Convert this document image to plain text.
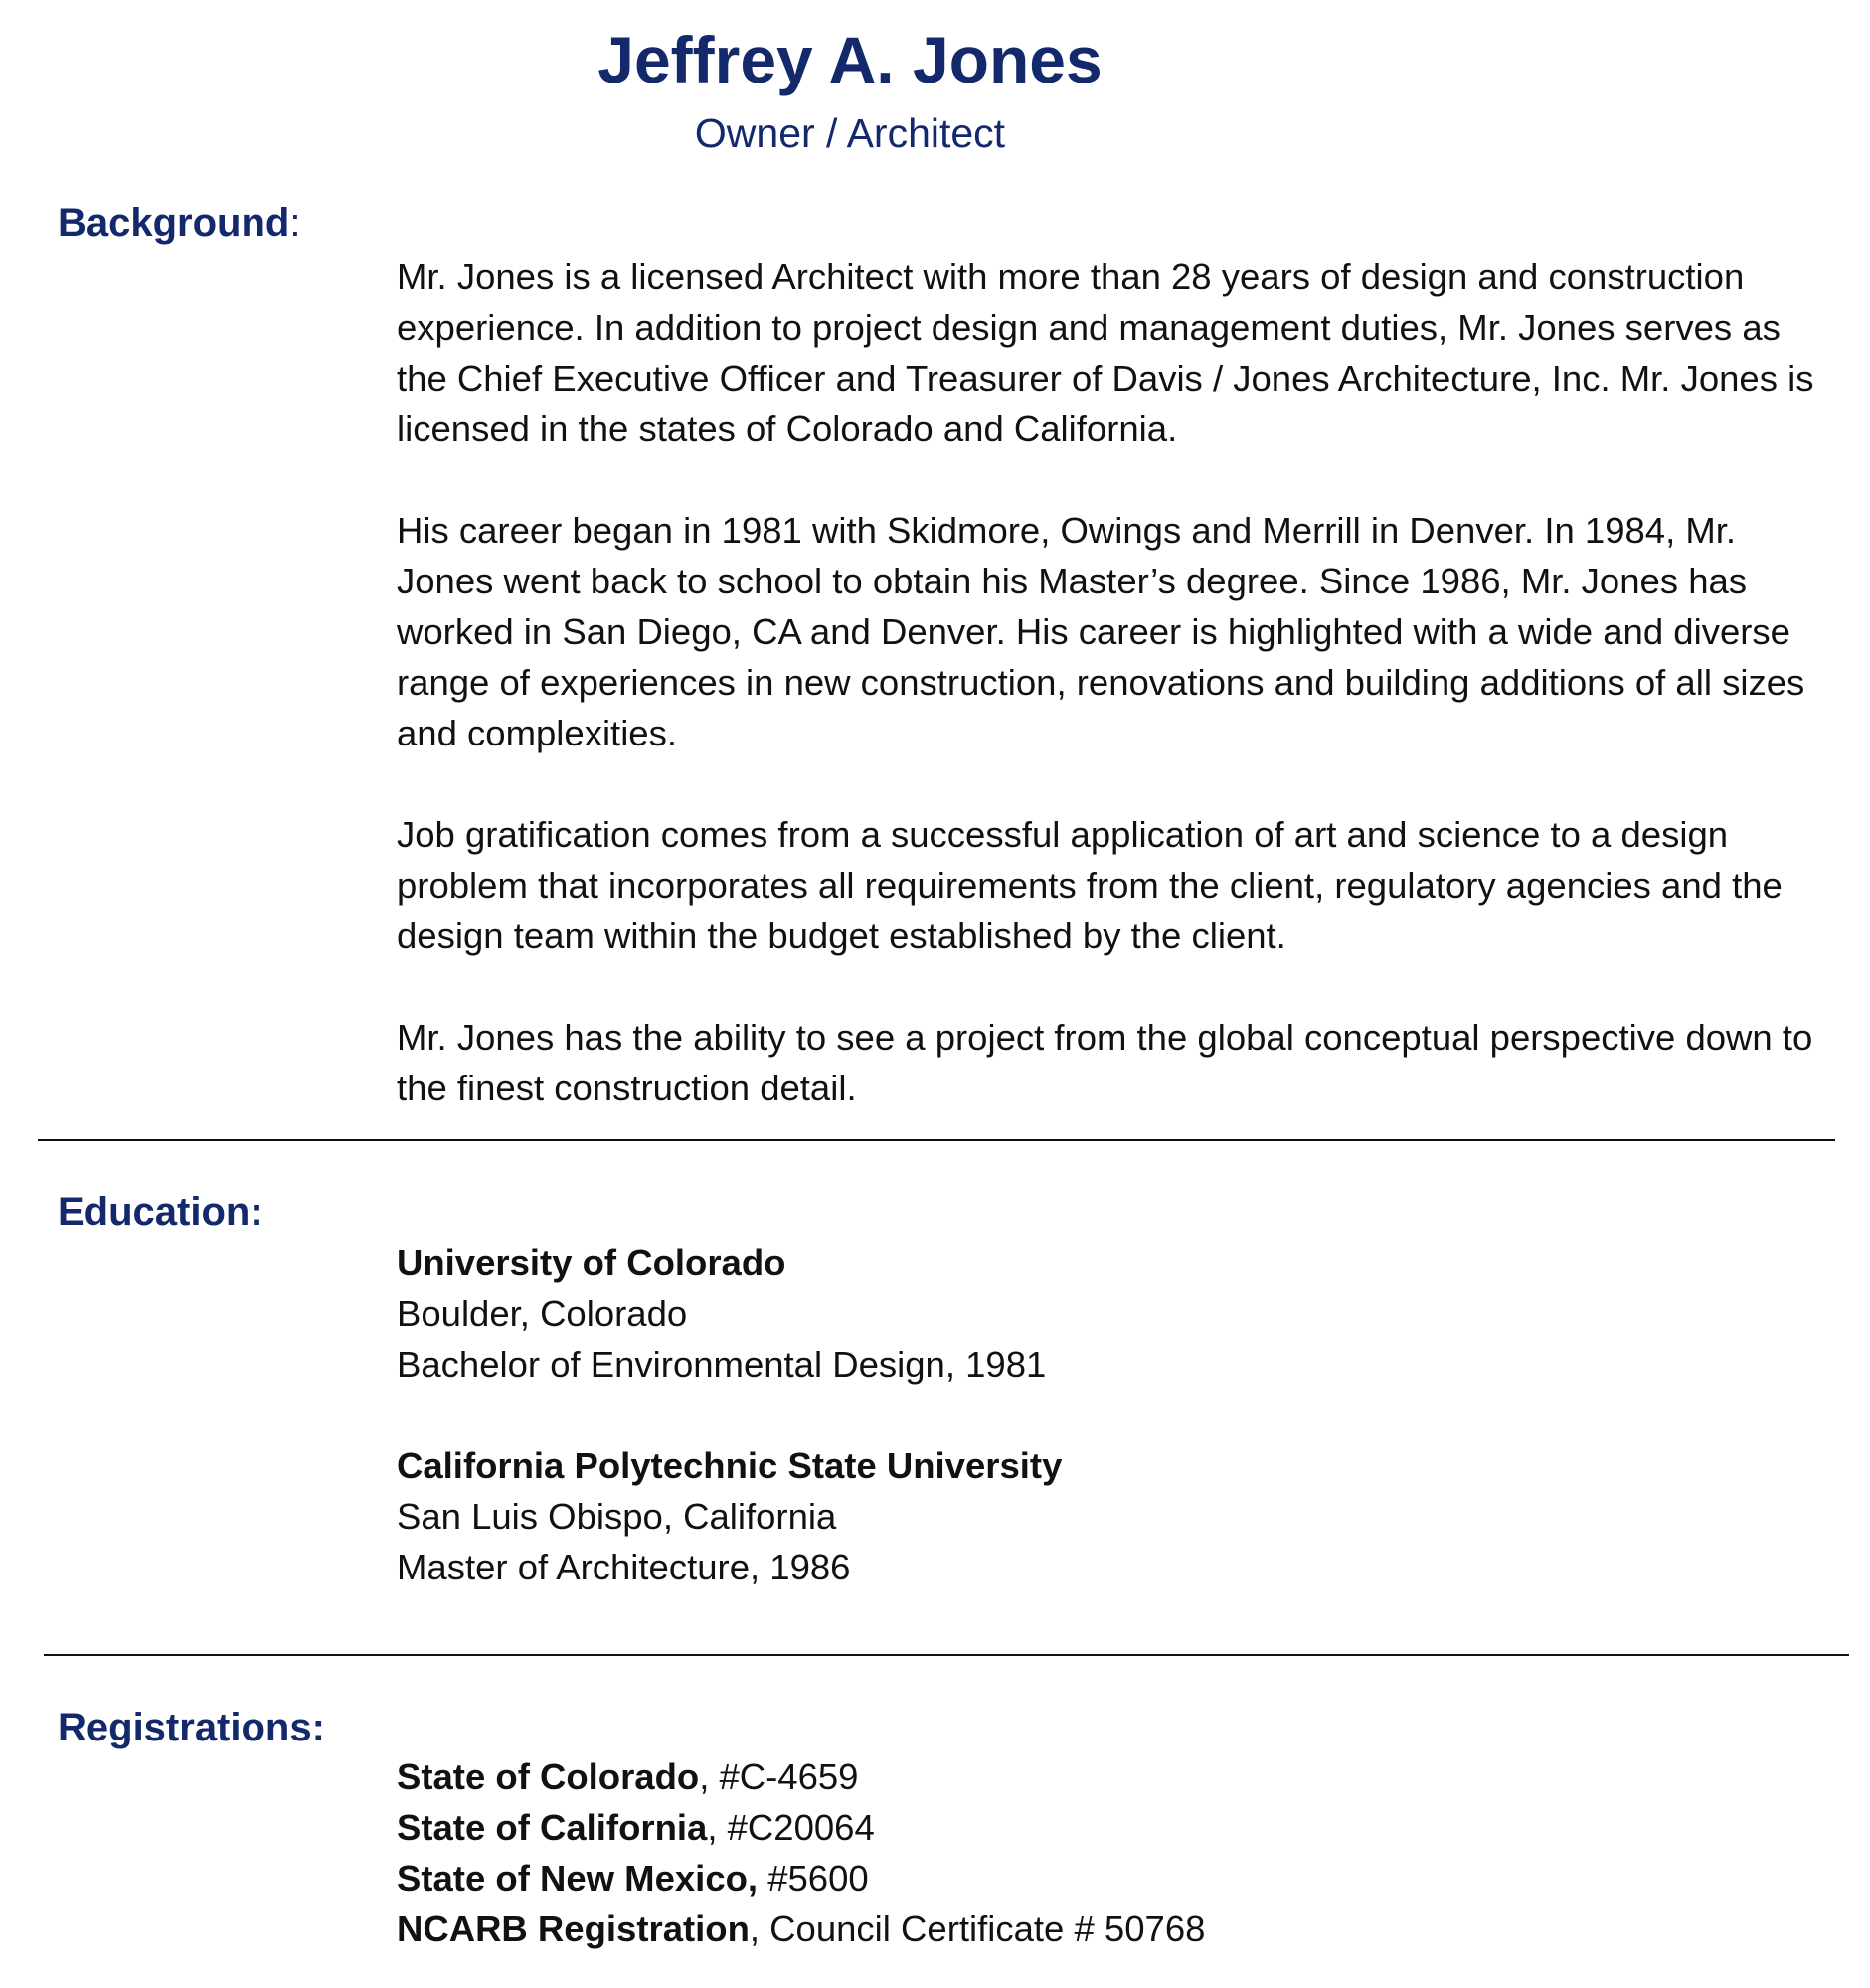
Jeffrey A. Jones
Owner / Architect
Background:

Mr. Jones is a licensed Architect with more than 28 years of design and construction experience. In addition to project design and management duties, Mr. Jones serves as the Chief Executive Officer and Treasurer of Davis / Jones Architecture, Inc. Mr. Jones is licensed in the states of Colorado and California.

His career began in 1981 with Skidmore, Owings and Merrill in Denver. In 1984, Mr. Jones went back to school to obtain his Master’s degree. Since 1986, Mr. Jones has worked in San Diego, CA and Denver. His career is highlighted with a wide and diverse range of experiences in new construction, renovations and building additions of all sizes and complexities.

Job gratification comes from a successful application of art and science to a design problem that incorporates all requirements from the client, regulatory agencies and the design team within the budget established by the client.

Mr. Jones has the ability to see a project from the global conceptual perspective down to the finest construction detail.

Education:
University of Colorado
Boulder, Colorado
Bachelor of Environmental Design, 1981
California Polytechnic State University
San Luis Obispo, California
Master of Architecture, 1986
Registrations:
State of Colorado, #C-4659
State of California, #C20064
State of New Mexico, #5600
NCARB Registration, Council Certificate # 50768
